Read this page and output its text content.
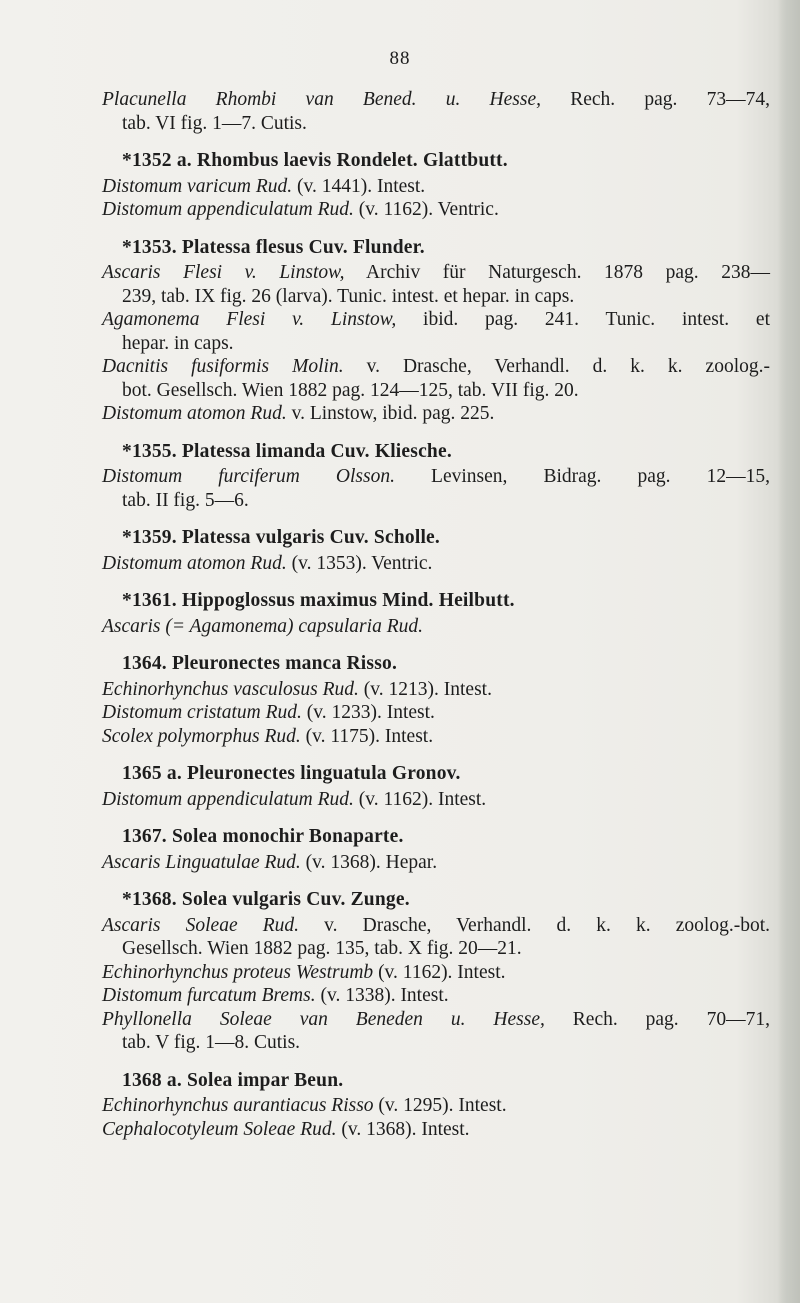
88

Placunella Rhombi van Bened. u. Hesse, Rech. pag. 73—74,

tab. VI fig. 1—7. Cutis.

*1352 a. Rhombus laevis Rondelet. Glattbutt.

Distomum varicum Rud. (v. 1441). Intest.

Distomum appendiculatum Rud. (v. 1162). Ventric.

*1353. Platessa flesus Cuv. Flunder.

Ascaris Flesi v. Linstow, Archiv für Naturgesch. 1878 pag. 238—

239, tab. IX fig. 26 (larva). Tunic. intest. et hepar. in caps.

Agamonema Flesi v. Linstow, ibid. pag. 241. Tunic. intest. et

hepar. in caps.

Dacnitis fusiformis Molin. v. Drasche, Verhandl. d. k. k. zoolog.-

bot. Gesellsch. Wien 1882 pag. 124—125, tab. VII fig. 20.

Distomum atomon Rud. v. Linstow, ibid. pag. 225.

*1355. Platessa limanda Cuv. Kliesche.

Distomum furciferum Olsson. Levinsen, Bidrag. pag. 12—15,

tab. II fig. 5—6.

*1359. Platessa vulgaris Cuv. Scholle.

Distomum atomon Rud. (v. 1353). Ventric.

*1361. Hippoglossus maximus Mind. Heilbutt.

Ascaris (= Agamonema) capsularia Rud.

1364. Pleuronectes manca Risso.

Echinorhynchus vasculosus Rud. (v. 1213). Intest.

Distomum cristatum Rud. (v. 1233). Intest.

Scolex polymorphus Rud. (v. 1175). Intest.

1365 a. Pleuronectes linguatula Gronov.

Distomum appendiculatum Rud. (v. 1162). Intest.

1367. Solea monochir Bonaparte.

Ascaris Linguatulae Rud. (v. 1368). Hepar.

*1368. Solea vulgaris Cuv. Zunge.

Ascaris Soleae Rud. v. Drasche, Verhandl. d. k. k. zoolog.-bot.

Gesellsch. Wien 1882 pag. 135, tab. X fig. 20—21.

Echinorhynchus proteus Westrumb (v. 1162). Intest.

Distomum furcatum Brems. (v. 1338). Intest.

Phyllonella Soleae van Beneden u. Hesse, Rech. pag. 70—71,

tab. V fig. 1—8. Cutis.

1368 a. Solea impar Beun.

Echinorhynchus aurantiacus Risso (v. 1295). Intest.

Cephalocotyleum Soleae Rud. (v. 1368). Intest.
